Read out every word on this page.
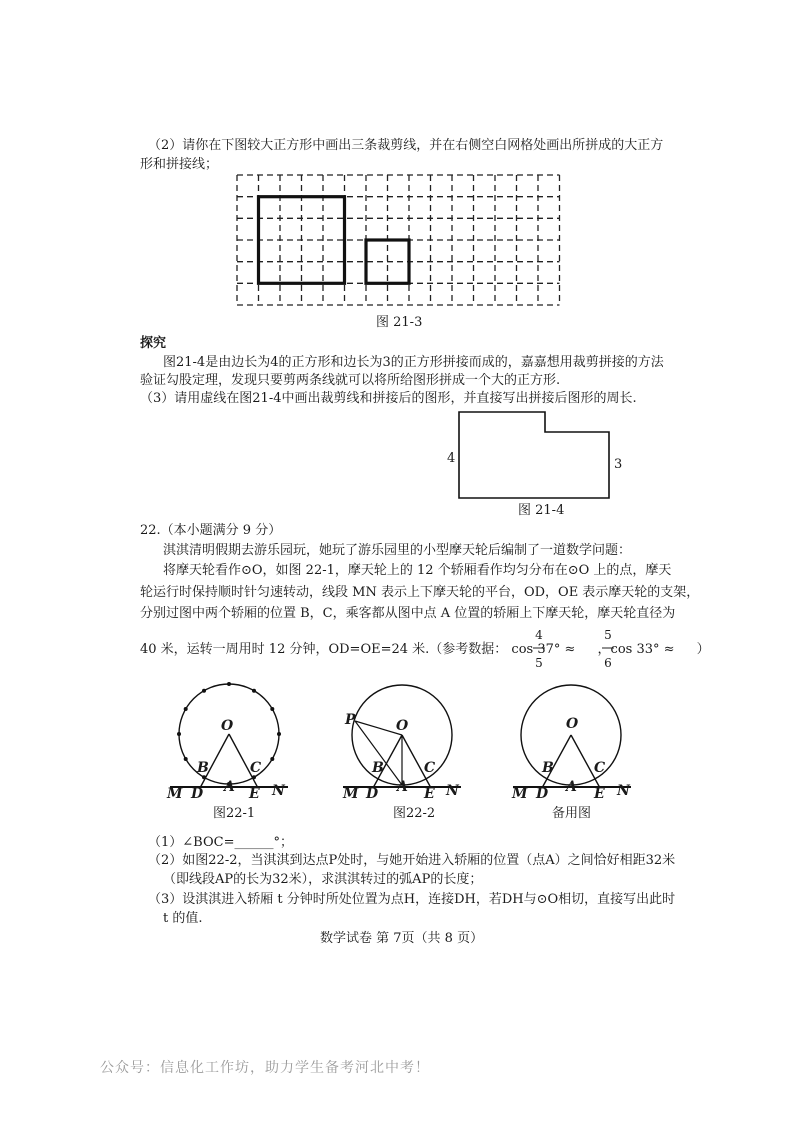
（2）请你在下图较大正方形中画出三条裁剪线，并在右侧空白网格处画出所拼成的大正方
形和拼接线；
图 21-3
探究
图21-4是由边长为4的正方形和边长为3的正方形拼接而成的，嘉嘉想用裁剪拼接的方法
验证勾股定理，发现只要剪两条线就可以将所给图形拼成一个大的正方形.
（3）请用虚线在图21-4中画出裁剪线和拼接后的图形，并直接写出拼接后图形的周长.
4	3
图 21-4
22.（本小题满分 9 分）
淇淇清明假期去游乐园玩，她玩了游乐园里的小型摩天轮后编制了一道数学问题：
将摩天轮看作⊙O，如图 22-1，摩天轮上的 12 个轿厢看作均匀分布在⊙O 上的点，摩天
轮运行时保持顺时针匀速转动，线段 MN 表示上下摩天轮的平台，OD，OE 表示摩天轮的支架，
分别过图中两个轿厢的位置 B，C，乘客都从图中点 A 位置的轿厢上下摩天轮，摩天轮直径为
40 米，运转一周用时 12 分钟，OD=OE=24 米.（参考数据： cos 37° ≈ ，cos 33° ≈ ）
4
5
5
6
O
B	C
A
M D	E N
P	O
B	C
A
M D	E N
O
B	C
A
M D	E N
图22-1	图22-2	备用图
（1）∠BOC=______°；
（2）如图22-2，当淇淇到达点P处时，与她开始进入轿厢的位置（点A）之间恰好相距32米
（即线段AP的长为32米），求淇淇转过的弧AP的长度；
（3）设淇淇进入轿厢 t 分钟时所处位置为点H，连接DH，若DH与⊙O相切，直接写出此时
t 的值.
数学试卷 第 7页（共 8 页）
公众号：信息化工作坊，助力学生备考河北中考！
